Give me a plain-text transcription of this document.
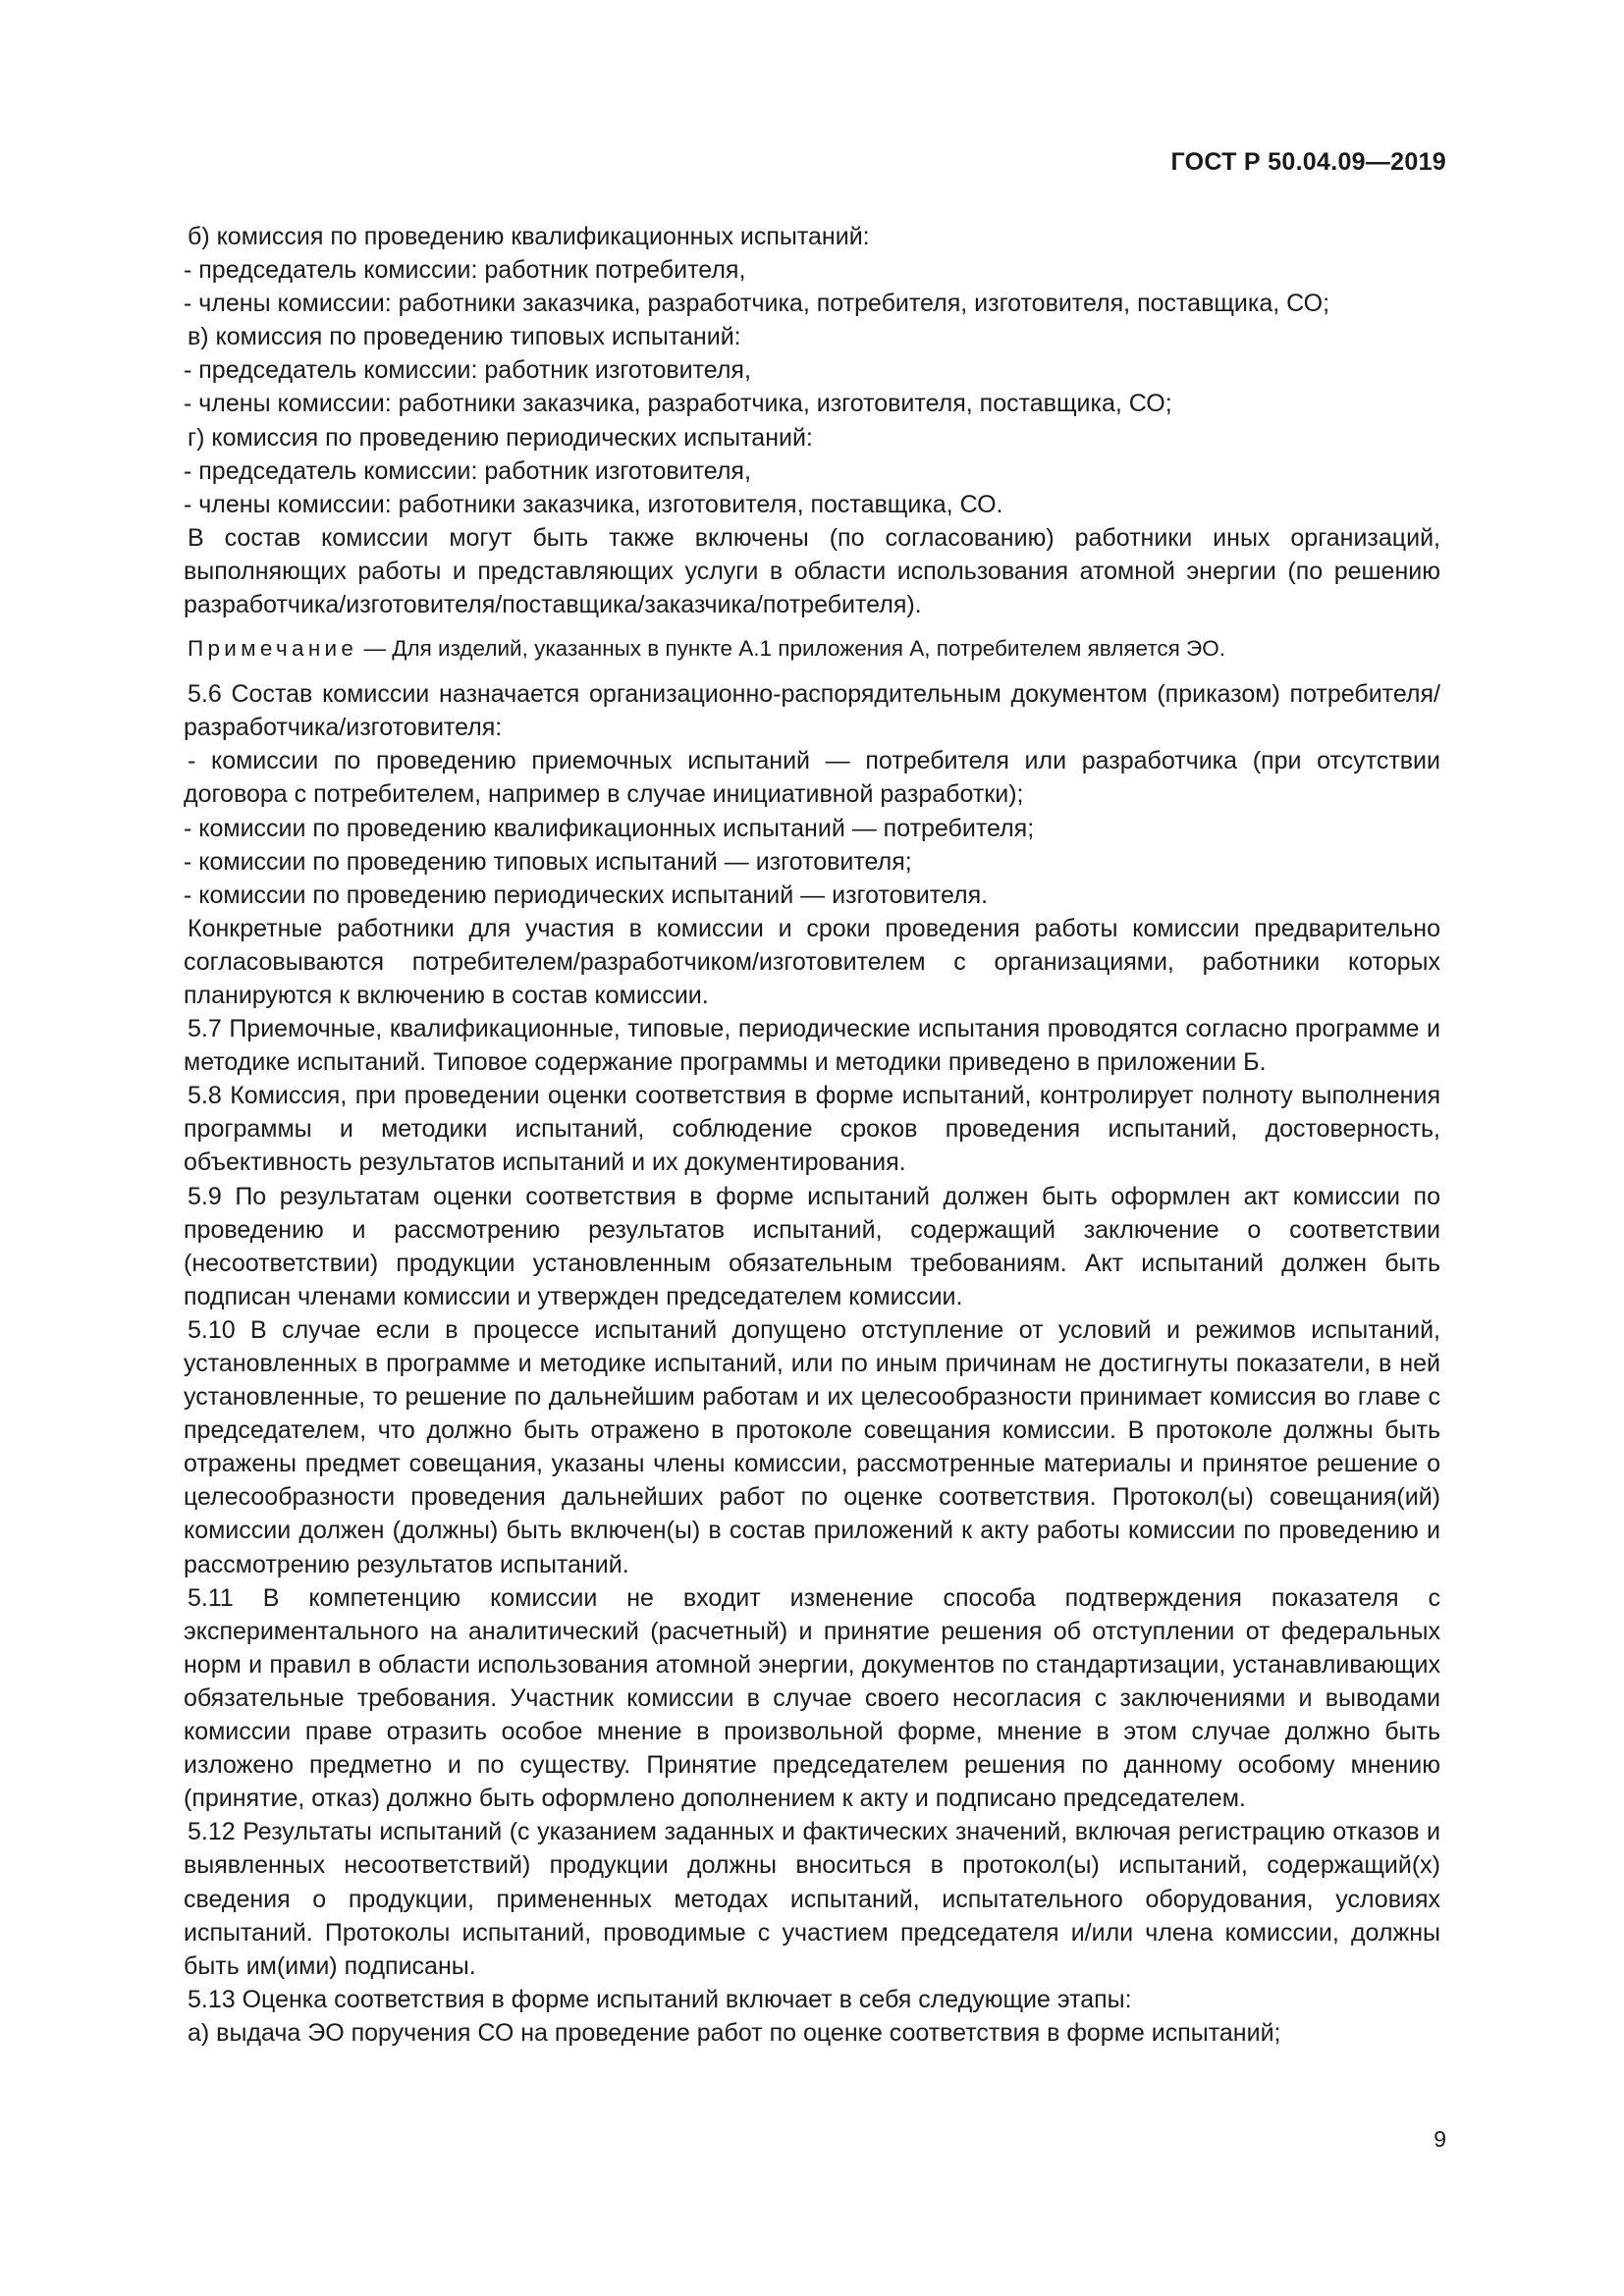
ГОСТ Р 50.04.09—2019

б) комиссия по проведению квалификационных испытаний:

- председатель комиссии: работник потребителя,

- члены комиссии: работники заказчика, разработчика, потребителя, изготовителя, поставщика, СО;

в) комиссия по проведению типовых испытаний:

- председатель комиссии: работник изготовителя,

- члены комиссии: работники заказчика, разработчика, изготовителя, поставщика, СО;

г) комиссия по проведению периодических испытаний:

- председатель комиссии: работник изготовителя,

- члены комиссии: работники заказчика, изготовителя, поставщика, СО.

В состав комиссии могут быть также включены (по согласованию) работники иных организаций, выполняющих работы и представляющих услуги в области использования атомной энергии (по решению разработчика/изготовителя/поставщика/заказчика/потребителя).

Примечание — Для изделий, указанных в пункте А.1 приложения А, потребителем является ЭО.

5.6 Состав комиссии назначается организационно-распорядительным документом (приказом) потребителя/разработчика/изготовителя:

- комиссии по проведению приемочных испытаний — потребителя или разработчика (при отсутствии договора с потребителем, например в случае инициативной разработки);

- комиссии по проведению квалификационных испытаний — потребителя;

- комиссии по проведению типовых испытаний — изготовителя;

- комиссии по проведению периодических испытаний — изготовителя.

Конкретные работники для участия в комиссии и сроки проведения работы комиссии предварительно согласовываются потребителем/разработчиком/изготовителем с организациями, работники которых планируются к включению в состав комиссии.

5.7 Приемочные, квалификационные, типовые, периодические испытания проводятся согласно программе и методике испытаний. Типовое содержание программы и методики приведено в приложении Б.

5.8 Комиссия, при проведении оценки соответствия в форме испытаний, контролирует полноту выполнения программы и методики испытаний, соблюдение сроков проведения испытаний, достоверность, объективность результатов испытаний и их документирования.

5.9 По результатам оценки соответствия в форме испытаний должен быть оформлен акт комиссии по проведению и рассмотрению результатов испытаний, содержащий заключение о соответствии (несоответствии) продукции установленным обязательным требованиям. Акт испытаний должен быть подписан членами комиссии и утвержден председателем комиссии.

5.10 В случае если в процессе испытаний допущено отступление от условий и режимов испытаний, установленных в программе и методике испытаний, или по иным причинам не достигнуты показатели, в ней установленные, то решение по дальнейшим работам и их целесообразности принимает комиссия во главе с председателем, что должно быть отражено в протоколе совещания комиссии. В протоколе должны быть отражены предмет совещания, указаны члены комиссии, рассмотренные материалы и принятое решение о целесообразности проведения дальнейших работ по оценке соответствия. Протокол(ы) совещания(ий) комиссии должен (должны) быть включен(ы) в состав приложений к акту работы комиссии по проведению и рассмотрению результатов испытаний.

5.11 В компетенцию комиссии не входит изменение способа подтверждения показателя с экспериментального на аналитический (расчетный) и принятие решения об отступлении от федеральных норм и правил в области использования атомной энергии, документов по стандартизации, устанавливающих обязательные требования. Участник комиссии в случае своего несогласия с заключениями и выводами комиссии праве отразить особое мнение в произвольной форме, мнение в этом случае должно быть изложено предметно и по существу. Принятие председателем решения по данному особому мнению (принятие, отказ) должно быть оформлено дополнением к акту и подписано председателем.

5.12 Результаты испытаний (с указанием заданных и фактических значений, включая регистрацию отказов и выявленных несоответствий) продукции должны вноситься в протокол(ы) испытаний, содержащий(х) сведения о продукции, примененных методах испытаний, испытательного оборудования, условиях испытаний. Протоколы испытаний, проводимые с участием председателя и/или члена комиссии, должны быть им(ими) подписаны.

5.13 Оценка соответствия в форме испытаний включает в себя следующие этапы:

а) выдача ЭО поручения СО на проведение работ по оценке соответствия в форме испытаний;

9
